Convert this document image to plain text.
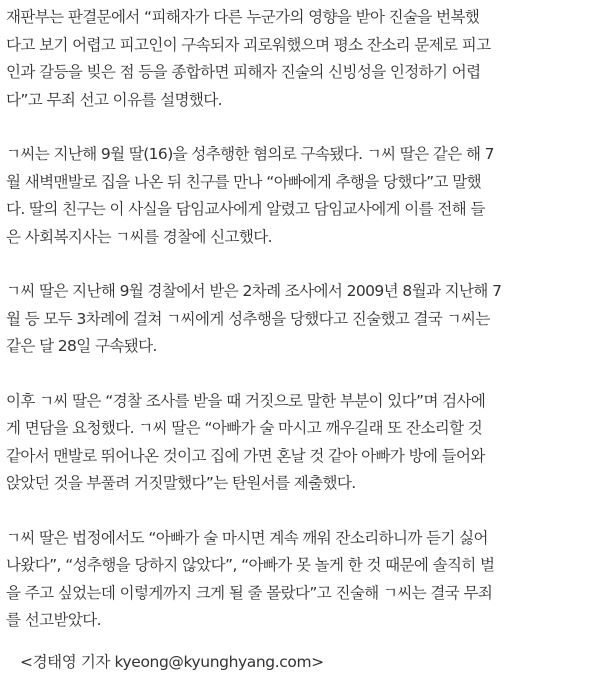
재판부는 판결문에서 “피해자가 다른 누군가의 영향을 받아 진술을 번복했
다고 보기 어렵고 피고인이 구속되자 괴로워했으며 평소 잔소리 문제로 피고
인과 갈등을 빚은 점 등을 종합하면 피해자 진술의 신빙성을 인정하기 어렵
다”고 무죄 선고 이유를 설명했다.
ㄱ씨는 지난해 9월 딸(16)을 성추행한 혐의로 구속됐다. ㄱ씨 딸은 같은 해 7
월 새벽맨발로 집을 나온 뒤 친구를 만나 “아빠에게 추행을 당했다”고 말했
다. 딸의 친구는 이 사실을 담임교사에게 알렸고 담임교사에게 이를 전해 들
은 사회복지사는 ㄱ씨를 경찰에 신고했다.
ㄱ씨 딸은 지난해 9월 경찰에서 받은 2차례 조사에서 2009년 8월과 지난해 7
월 등 모두 3차례에 걸쳐 ㄱ씨에게 성추행을 당했다고 진술했고 결국 ㄱ씨는
같은 달 28일 구속됐다.
이후 ㄱ씨 딸은 “경찰 조사를 받을 때 거짓으로 말한 부분이 있다”며 검사에
게 면담을 요청했다. ㄱ씨 딸은 “아빠가 술 마시고 깨우길래 또 잔소리할 것
같아서 맨발로 뛰어나온 것이고 집에 가면 혼날 것 같아 아빠가 방에 들어와
앉았던 것을 부풀려 거짓말했다”는 탄원서를 제출했다.
ㄱ씨 딸은 법정에서도 “아빠가 술 마시면 계속 깨워 잔소리하니까 듣기 싫어
나왔다”, “성추행을 당하지 않았다”, “아빠가 못 놀게 한 것 때문에 솔직히 벌
을 주고 싶었는데 이렇게까지 크게 될 줄 몰랐다”고 진술해 ㄱ씨는 결국 무죄
를 선고받았다.
<경태영 기자 kyeong@kyunghyang.com>
